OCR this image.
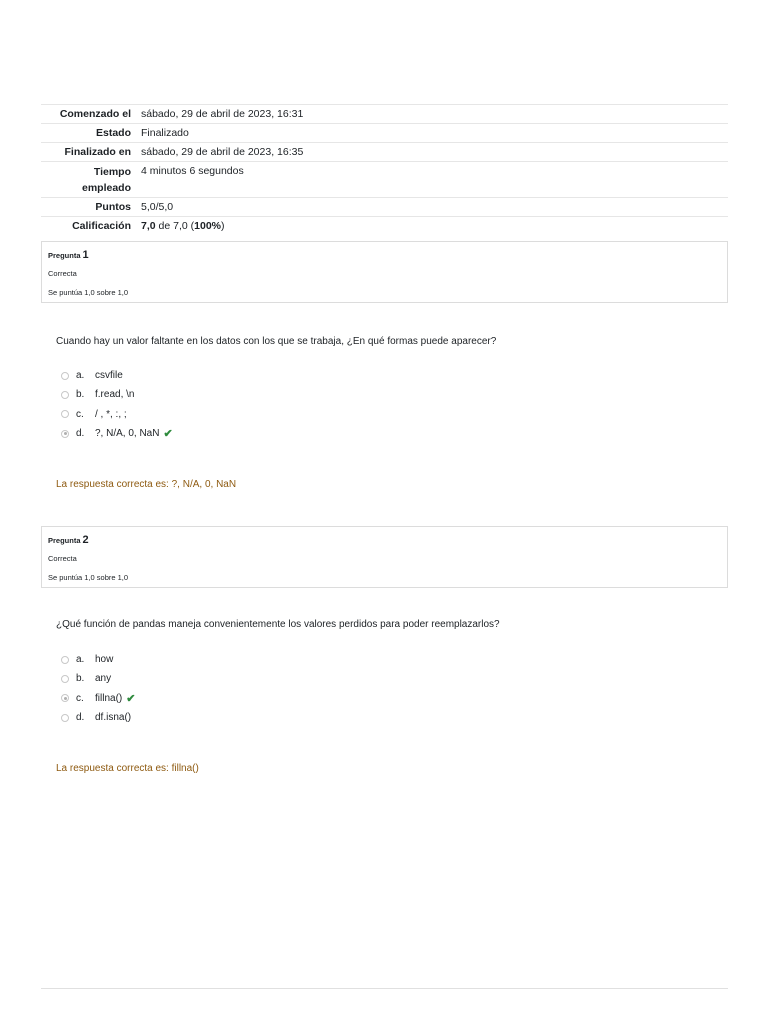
Comenzado el sábado, 29 de abril de 2023, 16:31
Estado Finalizado
Finalizado en sábado, 29 de abril de 2023, 16:35
Tiempo
empleado
4 minutos 6 segundos
Puntos 5,0/5,0
Calificación 7,0 de 7,0 (100%)
Pregunta 1
Correcta
Se puntúa 1,0 sobre 1,0
Cuando hay un valor faltante en los datos con los que se trabaja, ¿En qué formas puede aparecer?
a.	csvfile
b.	f.read, \n
c.	/ , *, :, ;
d.	?, N/A, 0, NaN ✔
La respuesta correcta es: ?, N/A, 0, NaN
Pregunta 2
Correcta
Se puntúa 1,0 sobre 1,0
¿Qué función de pandas maneja convenientemente los valores perdidos para poder reemplazarlos?
a.	how
b.	any
c.	fillna() ✔
d.	df.isna()
La respuesta correcta es: fillna()
